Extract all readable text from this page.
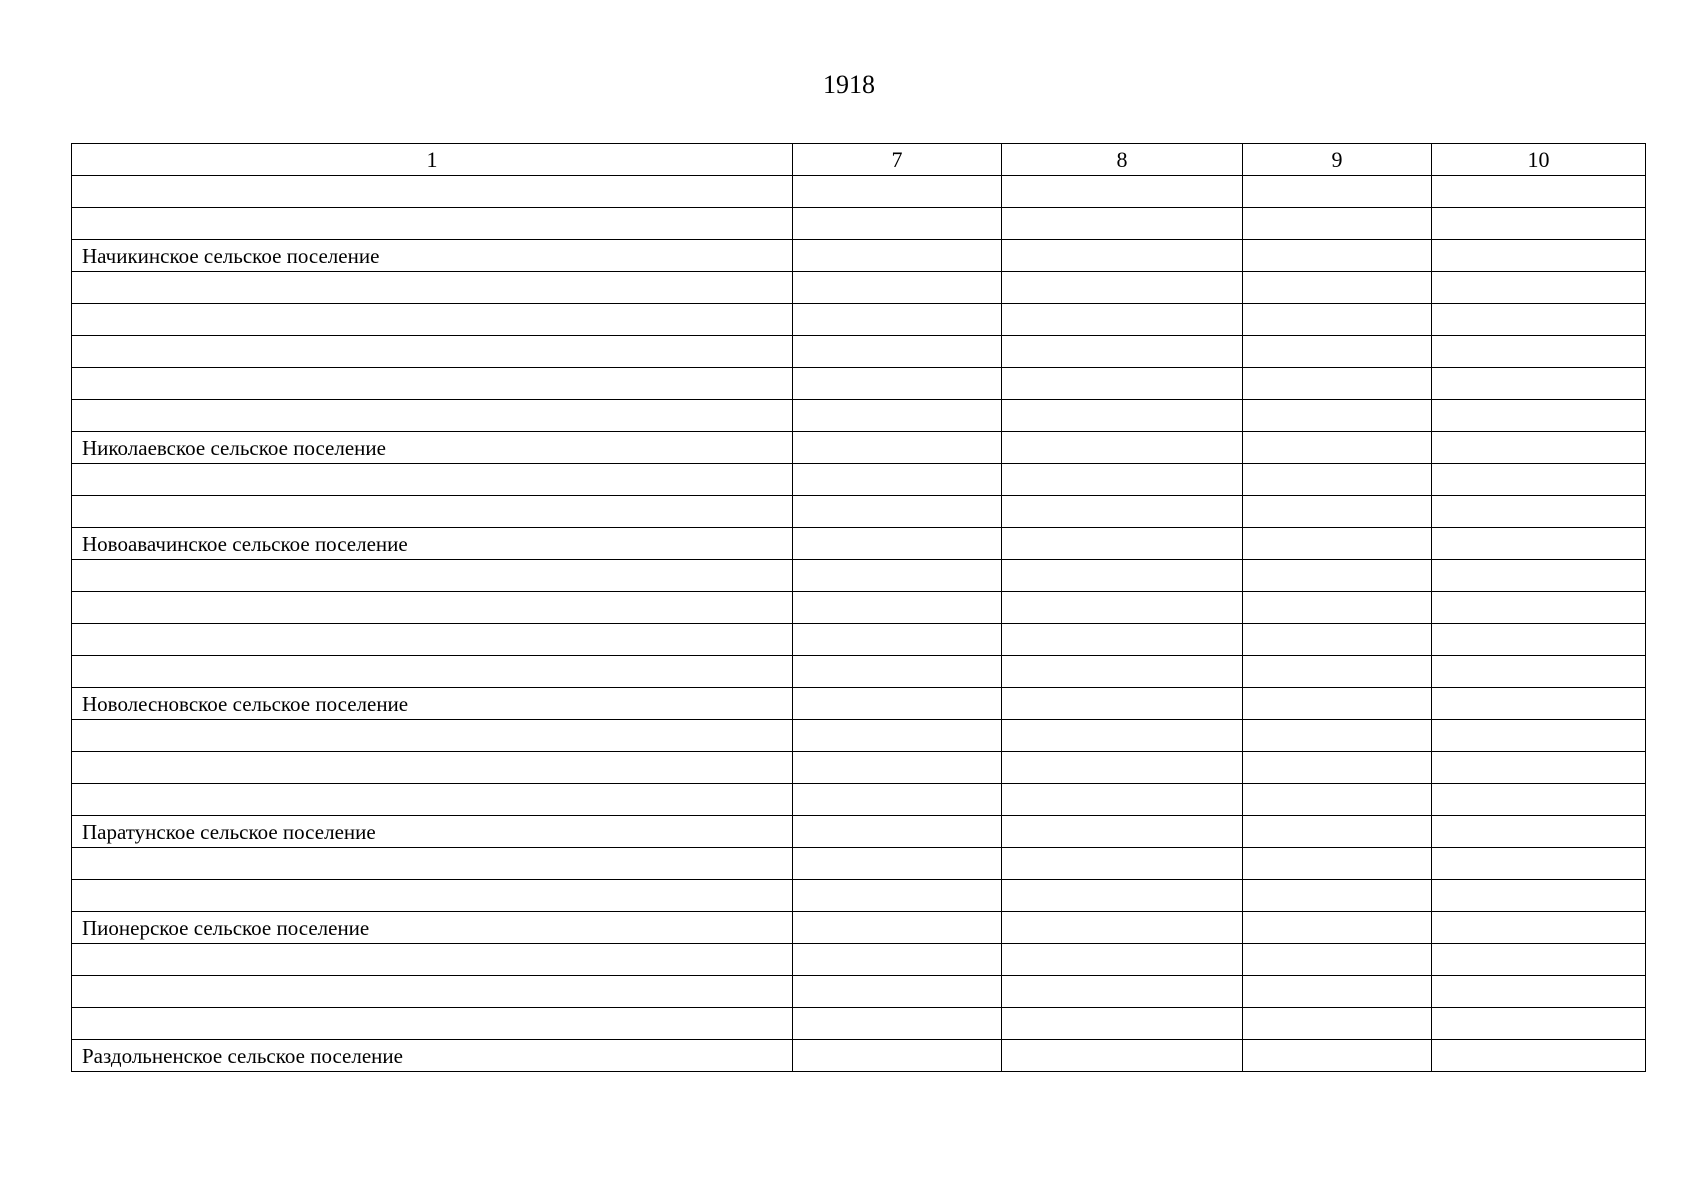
1918
1	7	8	9	10

Начикинское сельское поселение				

Николаевское сельское поселение				

Новоавачинское сельское поселение				

Новолесновское сельское поселение				

Паратунское сельское поселение				

Пионерское сельское поселение				

Раздольненское сельское поселение				
